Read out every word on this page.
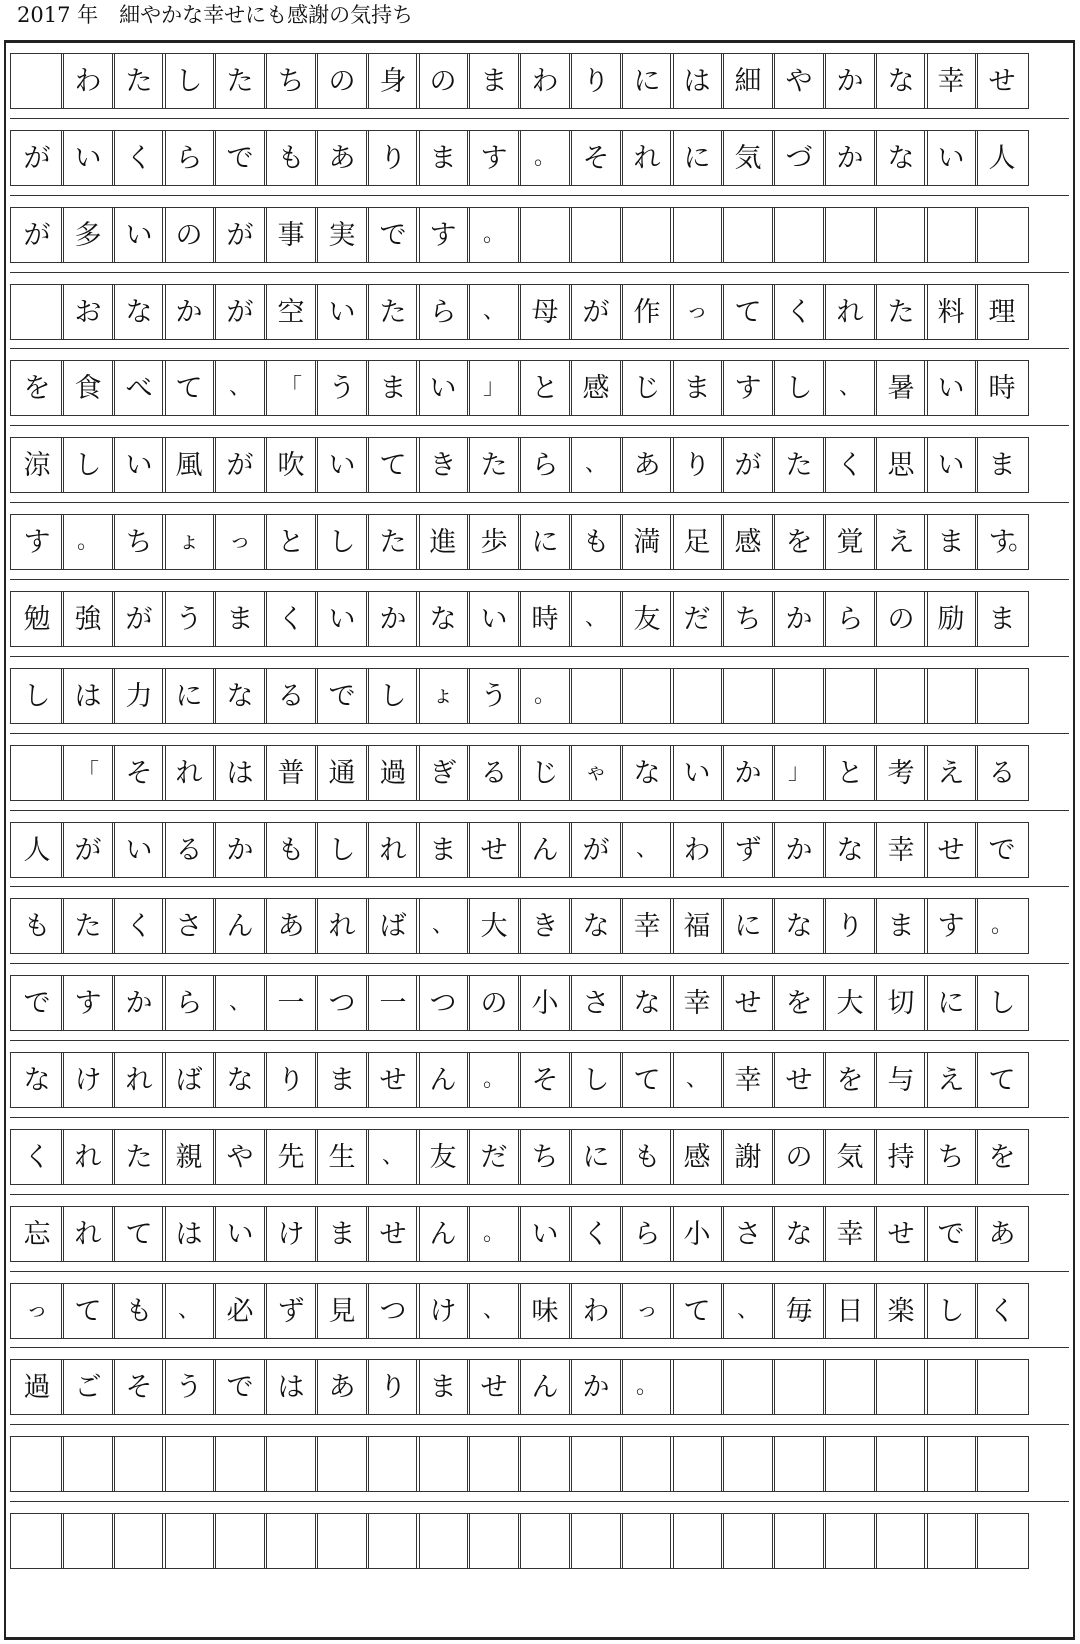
2017 年　細やかな幸せにも感謝の気持ち
わ た し た ち の 身 の ま わ り に は 細 や か な 幸 せ
が い く ら で も あ り ま す	。 そ れ に 気 づ か な い 人
が 多 い の が 事 実 で す	。
お な か が 空 い た ら	、 母 が 作	っ て く れ た 料 理
を 食 べ て	、	「 う ま い	」 と 感 じ ま す し	、 暑 い 時
涼 し い 風 が 吹 い て き た ら	、 あ り が た く 思 い ま
す	。 ち	ょ	っ と し た 進 歩 に も 満 足 感 を 覚 え ま す
勉 強 が う ま く い か な い 時	、 友 だ ち か ら の 励 ま
し は 力 に な る で し	ょ う	。
「 そ れ は 普 通 過 ぎ る じ	ゃ な い か	」 と 考 え る
人 が い る か も し れ ま せ ん が	、 わ ず か な 幸 せ で
も た く さ ん あ れ ば	、 大 き な 幸 福 に な り ま す	。
で す か ら	、 一 つ 一 つ の 小 さ な 幸 せ を 大 切 に し
な け れ ば な り ま せ ん	。 そ し て	、 幸 せ を 与 え て
く れ た 親 や 先 生	、 友 だ ち に も 感 謝 の 気 持 ち を
忘 れ て は い け ま せ ん	。 い く ら 小 さ な 幸 せ で あ
っ て も	、 必 ず 見 つ け	、 味 わ	っ て	、 毎 日 楽 し く
過 ご そ う で は あ り ま せ ん か	。
。
